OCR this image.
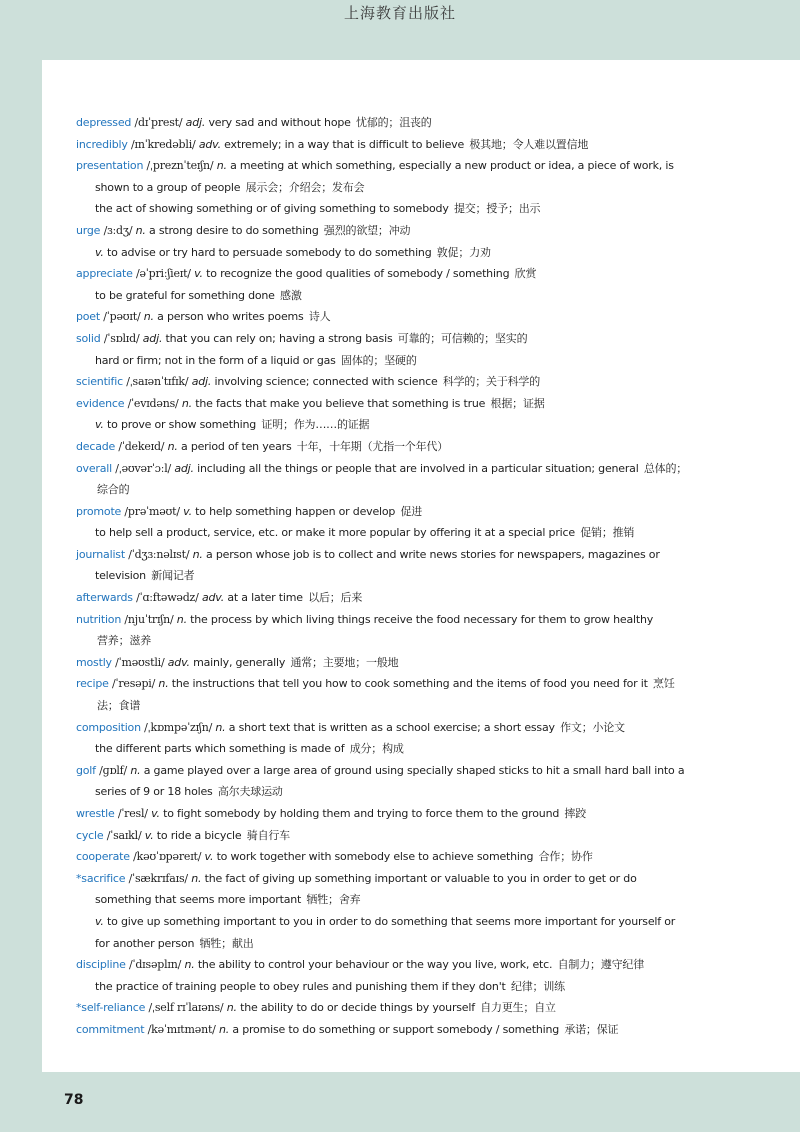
上海教育出版社
depressed /dɪˈprest/ adj. very sad and without hope 忧郁的；沮丧的
incredibly /ɪnˈkredəbli/ adv. extremely; in a way that is difficult to believe 极其地；令人难以置信地
presentation /ˌpreznˈteɪʃn/ n. a meeting at which something, especially a new product or idea, a piece of work, is
shown to a group of people 展示会；介绍会；发布会
the act of showing something or of giving something to somebody 提交；授予；出示
urge /ɜːdʒ/ n. a strong desire to do something 强烈的欲望；冲动
v. to advise or try hard to persuade somebody to do something 敦促；力劝
appreciate /əˈpriːʃieɪt/ v. to recognize the good qualities of somebody / something 欣赏
to be grateful for something done 感激
poet /ˈpəʊɪt/ n. a person who writes poems 诗人
solid /ˈsɒlɪd/ adj. that you can rely on; having a strong basis 可靠的；可信赖的；坚实的
hard or firm; not in the form of a liquid or gas 固体的；坚硬的
scientific /ˌsaɪənˈtɪfɪk/ adj. involving science; connected with science 科学的；关于科学的
evidence /ˈevɪdəns/ n. the facts that make you believe that something is true 根据；证据
v. to prove or show something 证明；作为……的证据
decade /ˈdekeɪd/ n. a period of ten years 十年，十年期（尤指一个年代）
overall /ˌəʊvərˈɔːl/ adj. including all the things or people that are involved in a particular situation; general 总体的；
综合的
promote /prəˈməʊt/ v. to help something happen or develop 促进
to help sell a product, service, etc. or make it more popular by offering it at a special price 促销；推销
journalist /ˈdʒɜːnəlɪst/ n. a person whose job is to collect and write news stories for newspapers, magazines or
television 新闻记者
afterwards /ˈɑːftəwədz/ adv. at a later time 以后；后来
nutrition /njuˈtrɪʃn/ n. the process by which living things receive the food necessary for them to grow healthy
营养；滋养
mostly /ˈməʊstli/ adv. mainly, generally 通常；主要地；一般地
recipe /ˈresəpi/ n. the instructions that tell you how to cook something and the items of food you need for it 烹饪
法；食谱
composition /ˌkɒmpəˈzɪʃn/ n. a short text that is written as a school exercise; a short essay 作文；小论文
the different parts which something is made of 成分；构成
golf /ɡɒlf/ n. a game played over a large area of ground using specially shaped sticks to hit a small hard ball into a
series of 9 or 18 holes 高尔夫球运动
wrestle /ˈresl/ v. to fight somebody by holding them and trying to force them to the ground 摔跤
cycle /ˈsaɪkl/ v. to ride a bicycle 骑自行车
cooperate /kəʊˈɒpəreɪt/ v. to work together with somebody else to achieve something 合作；协作
*sacrifice /ˈsækrɪfaɪs/ n. the fact of giving up something important or valuable to you in order to get or do
something that seems more important 牺牲；舍弃
v. to give up something important to you in order to do something that seems more important for yourself or
for another person 牺牲；献出
discipline /ˈdɪsəplɪn/ n. the ability to control your behaviour or the way you live, work, etc. 自制力；遵守纪律
the practice of training people to obey rules and punishing them if they don't 纪律；训练
*self-reliance /ˌself rɪˈlaɪəns/ n. the ability to do or decide things by yourself 自力更生；自立
commitment /kəˈmɪtmənt/ n. a promise to do something or support somebody / something 承诺；保证
78
